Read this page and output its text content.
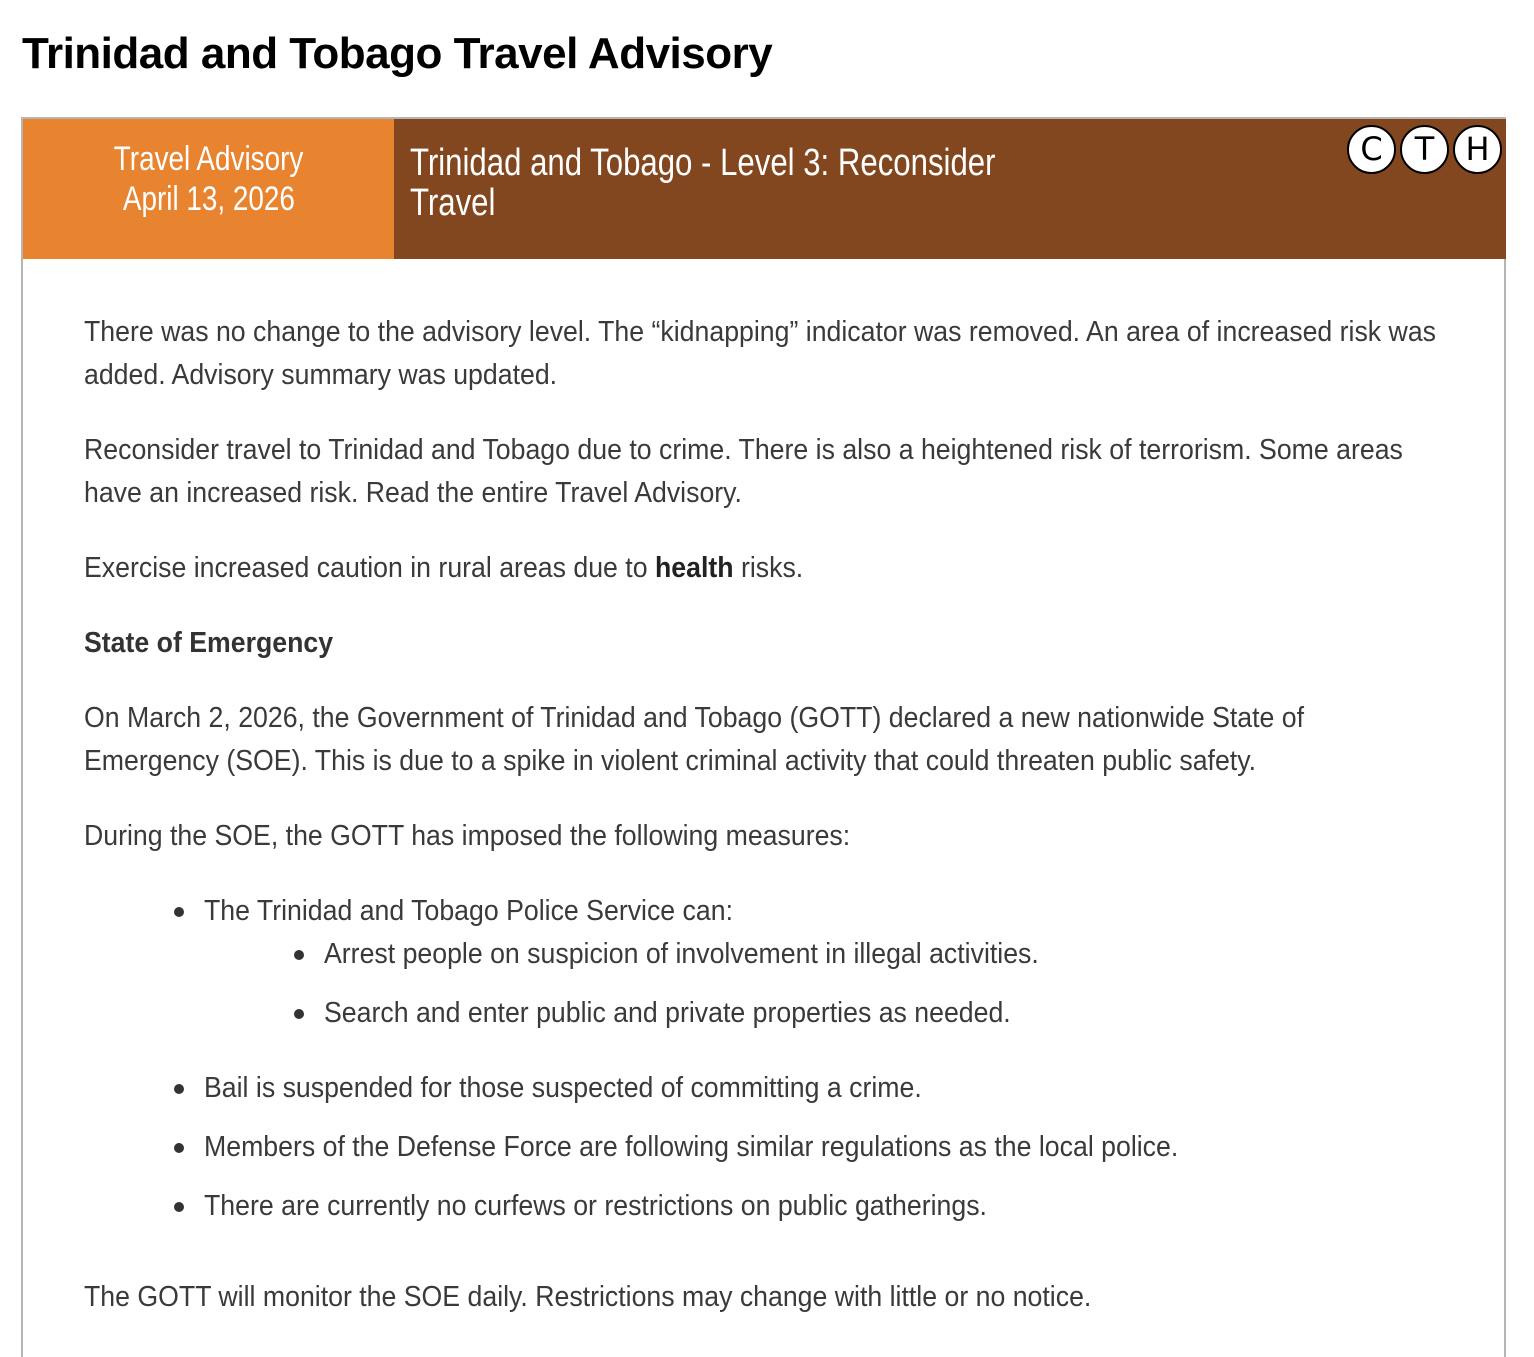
Trinidad and Tobago Travel Advisory
Travel Advisory
April 13, 2026
Trinidad and Tobago - Level 3: Reconsider Travel
C	T H

There was no change to the advisory level. The “kidnapping” indicator was removed. An area of increased risk was added. Advisory summary was updated.

Reconsider travel to Trinidad and Tobago due to crime. There is also a heightened risk of terrorism. Some areas have an increased risk. Read the entire Travel Advisory.

Exercise increased caution in rural areas due to health risks.

State of Emergency

On March 2, 2026, the Government of Trinidad and Tobago (GOTT) declared a new nationwide State of Emergency (SOE). This is due to a spike in violent criminal activity that could threaten public safety.

During the SOE, the GOTT has imposed the following measures:

The Trinidad and Tobago Police Service can:
Arrest people on suspicion of involvement in illegal activities.
Search and enter public and private properties as needed.
Bail is suspended for those suspected of committing a crime.
Members of the Defense Force are following similar regulations as the local police.
There are currently no curfews or restrictions on public gatherings.

The GOTT will monitor the SOE daily. Restrictions may change with little or no notice.
